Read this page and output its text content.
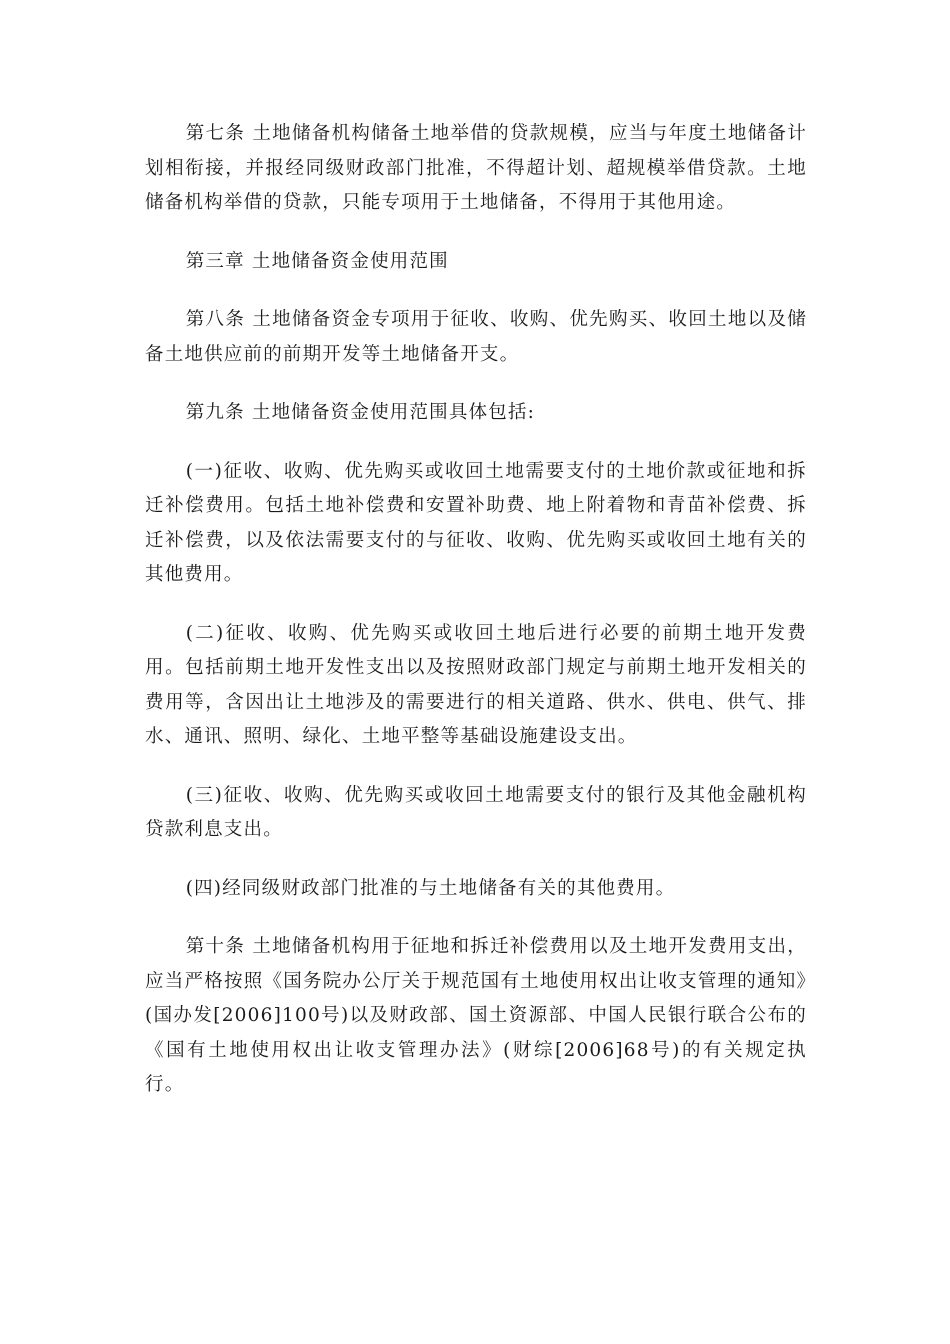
第七条 土地储备机构储备土地举借的贷款规模，应当与年度土地储备计划相衔接，并报经同级财政部门批准，不得超计划、超规模举借贷款。土地储备机构举借的贷款，只能专项用于土地储备，不得用于其他用途。

第三章 土地储备资金使用范围

第八条 土地储备资金专项用于征收、收购、优先购买、收回土地以及储备土地供应前的前期开发等土地储备开支。

第九条 土地储备资金使用范围具体包括:

(一)征收、收购、优先购买或收回土地需要支付的土地价款或征地和拆迁补偿费用。包括土地补偿费和安置补助费、地上附着物和青苗补偿费、拆迁补偿费，以及依法需要支付的与征收、收购、优先购买或收回土地有关的其他费用。

(二)征收、收购、优先购买或收回土地后进行必要的前期土地开发费用。包括前期土地开发性支出以及按照财政部门规定与前期土地开发相关的费用等，含因出让土地涉及的需要进行的相关道路、供水、供电、供气、排水、通讯、照明、绿化、土地平整等基础设施建设支出。

(三)征收、收购、优先购买或收回土地需要支付的银行及其他金融机构贷款利息支出。

(四)经同级财政部门批准的与土地储备有关的其他费用。

第十条 土地储备机构用于征地和拆迁补偿费用以及土地开发费用支出，应当严格按照《国务院办公厅关于规范国有土地使用权出让收支管理的通知》(国办发[2006]100号)以及财政部、国土资源部、中国人民银行联合公布的《国有土地使用权出让收支管理办法》(财综[2006]68号)的有关规定执行。
